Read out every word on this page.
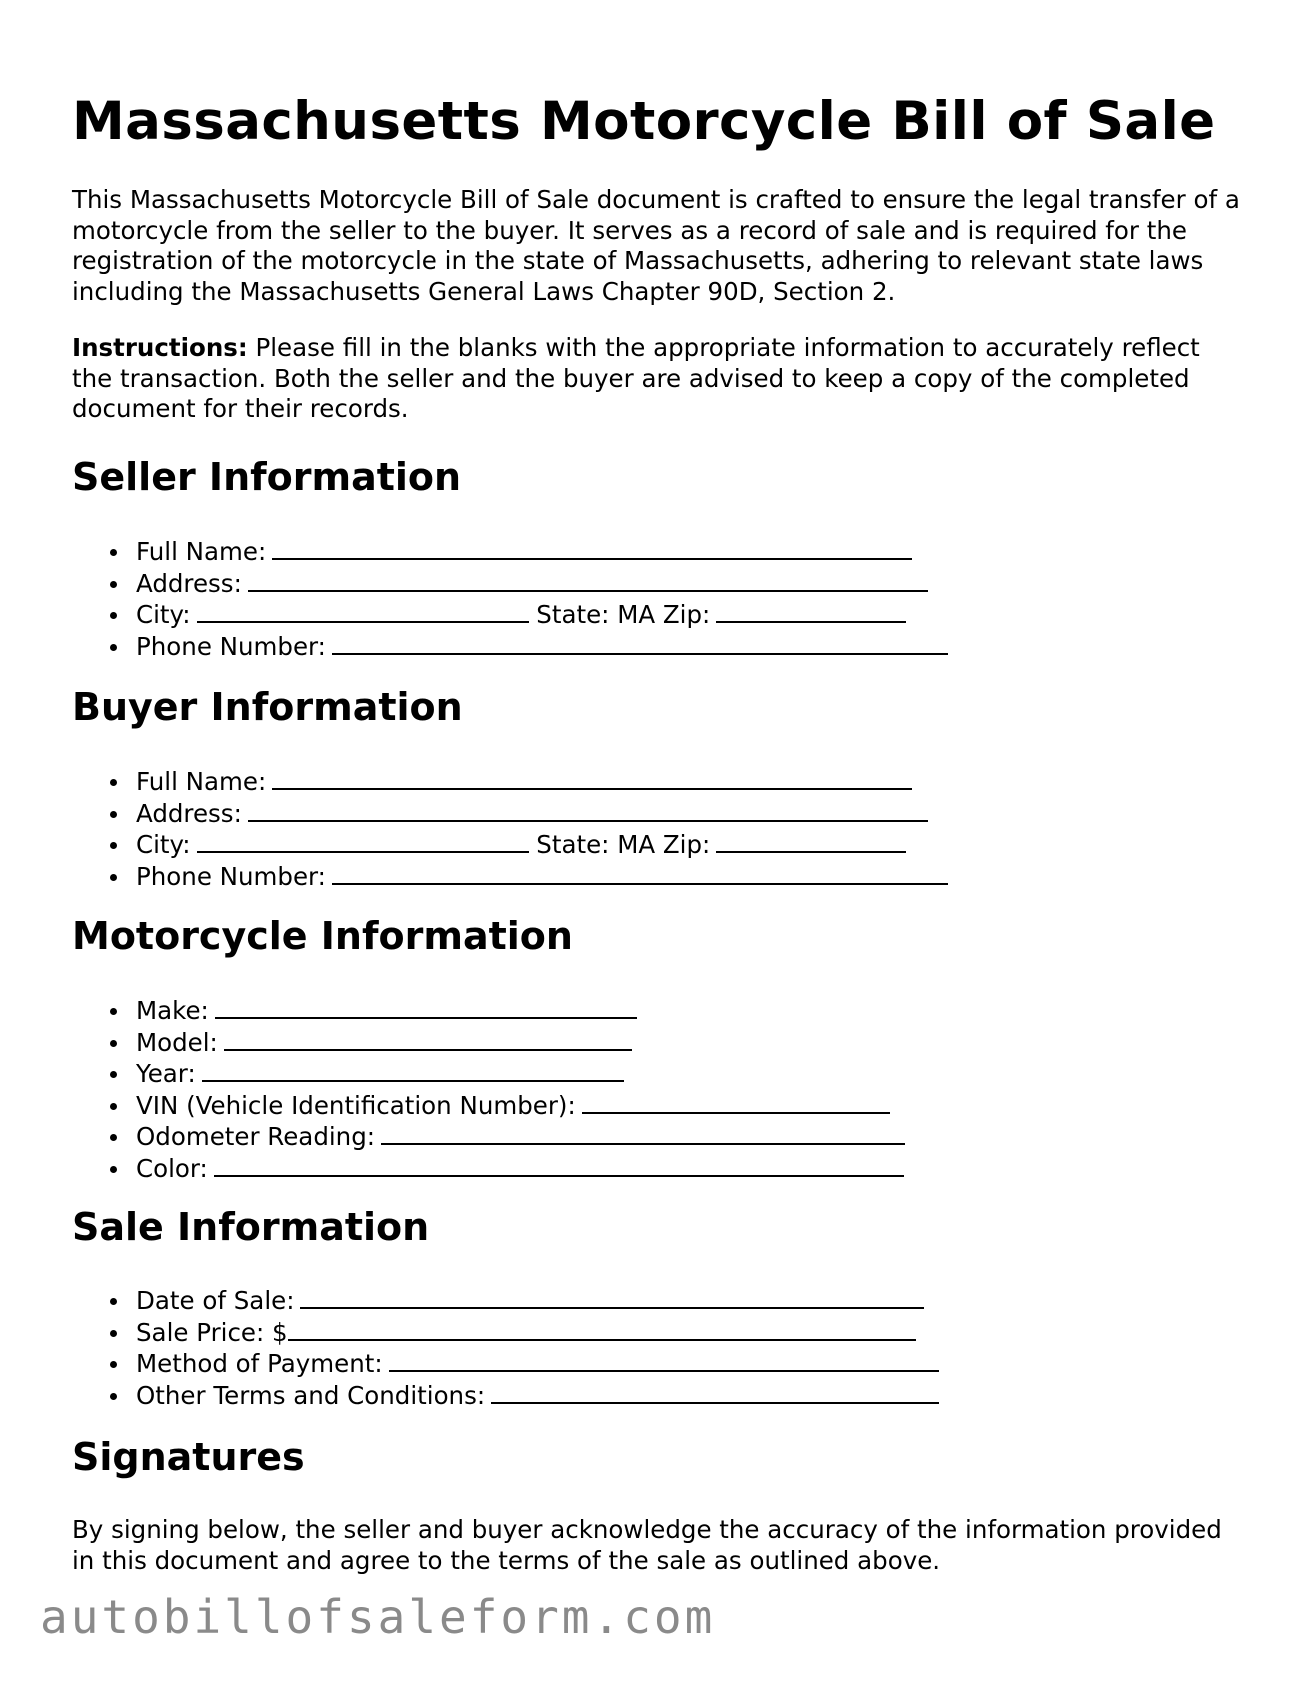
Massachusetts Motorcycle Bill of Sale

This Massachusetts Motorcycle Bill of Sale document is crafted to ensure the legal transfer of a motorcycle from the seller to the buyer. It serves as a record of sale and is required for the registration of the motorcycle in the state of Massachusetts, adhering to relevant state laws including the Massachusetts General Laws Chapter 90D, Section 2.

Instructions: Please fill in the blanks with the appropriate information to accurately reflect the transaction. Both the seller and the buyer are advised to keep a copy of the completed document for their records.

Seller Information
Full Name:
Address:
City:	State: MA Zip:
Phone Number:
Buyer Information
Full Name:
Address:
City:	State: MA Zip:
Phone Number:
Motorcycle Information
Make:
Model:
Year:
VIN (Vehicle Identification Number):
Odometer Reading:
Color:
Sale Information
Date of Sale:
Sale Price: $
Method of Payment:
Other Terms and Conditions:
Signatures

By signing below, the seller and buyer acknowledge the accuracy of the information provided in this document and agree to the terms of the sale as outlined above.

autobillofsaleform.com
